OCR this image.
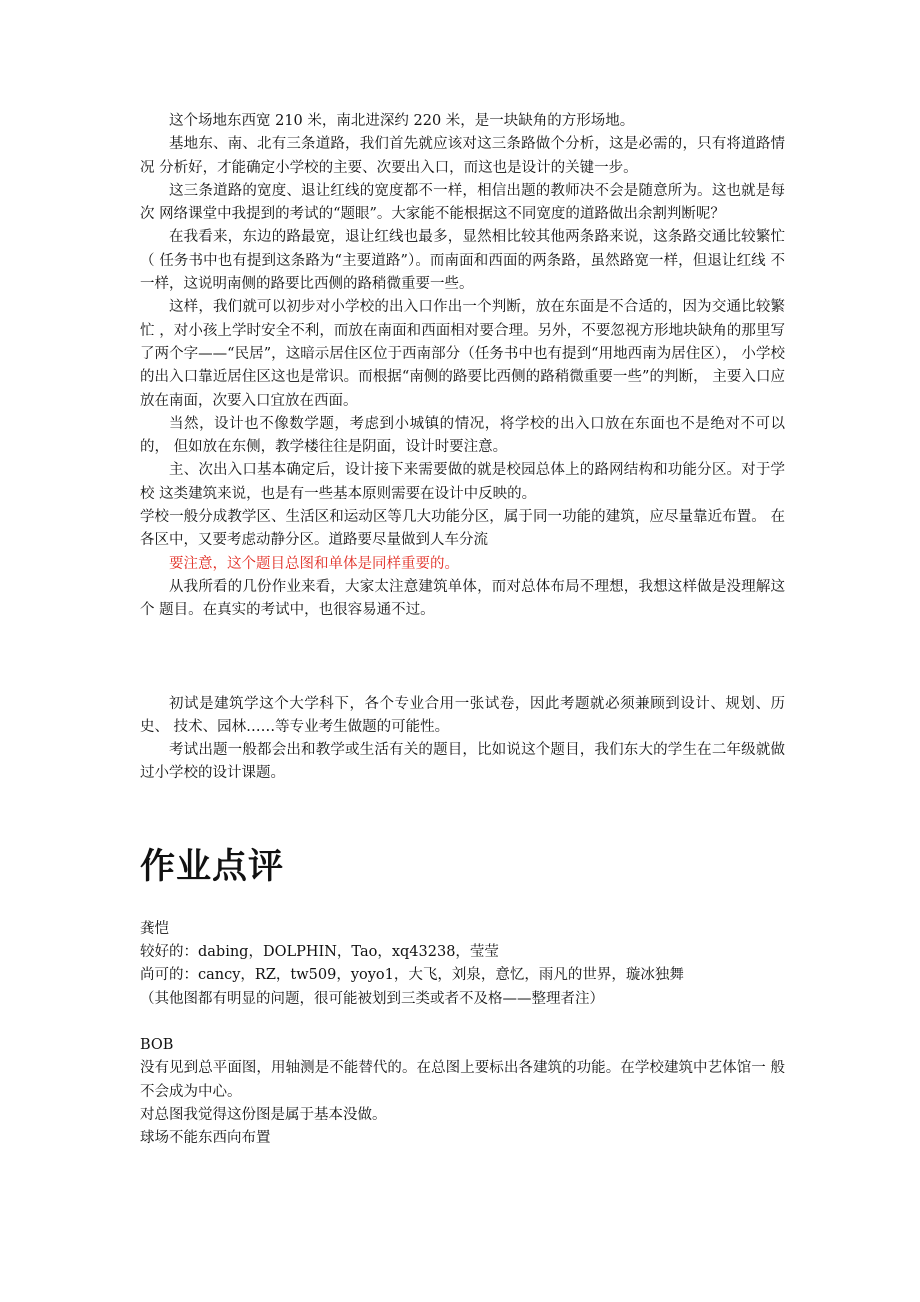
这个场地东西宽 210 米，南北进深约 220 米，是一块缺角的方形场地。

基地东、南、北有三条道路，我们首先就应该对这三条路做个分析，这是必需的，只有将道路情况 分析好，才能确定小学校的主要、次要出入口，而这也是设计的关键一步。

这三条道路的宽度、退让红线的宽度都不一样，相信出题的教师决不会是随意所为。这也就是每次 网络课堂中我提到的考试的“题眼”。大家能不能根据这不同宽度的道路做出余割判断呢？

在我看来，东边的路最宽，退让红线也最多，显然相比较其他两条路来说，这条路交通比较繁忙（ 任务书中也有提到这条路为“主要道路”）。而南面和西面的两条路，虽然路宽一样，但退让红线 不一样，这说明南侧的路要比西侧的路稍微重要一些。

这样，我们就可以初步对小学校的出入口作出一个判断，放在东面是不合适的，因为交通比较繁忙 ，对小孩上学时安全不利，而放在南面和西面相对要合理。另外，不要忽视方形地块缺角的那里写 了两个字——“民居”，这暗示居住区位于西南部分（任务书中也有提到“用地西南为居住区）， 小学校的出入口靠近居住区这也是常识。而根据“南侧的路要比西侧的路稍微重要一些”的判断， 主要入口应放在南面，次要入口宜放在西面。

当然，设计也不像数学题，考虑到小城镇的情况，将学校的出入口放在东面也不是绝对不可以的， 但如放在东侧，教学楼往往是阴面，设计时要注意。

主、次出入口基本确定后，设计接下来需要做的就是校园总体上的路网结构和功能分区。对于学校 这类建筑来说，也是有一些基本原则需要在设计中反映的。

学校一般分成教学区、生活区和运动区等几大功能分区，属于同一功能的建筑，应尽量靠近布置。 在各区中，又要考虑动静分区。道路要尽量做到人车分流

要注意，这个题目总图和单体是同样重要的。

从我所看的几份作业来看，大家太注意建筑单体，而对总体布局不理想，我想这样做是没理解这个 题目。在真实的考试中，也很容易通不过。

初试是建筑学这个大学科下，各个专业合用一张试卷，因此考题就必须兼顾到设计、规划、历史、 技术、园林……等专业考生做题的可能性。

考试出题一般都会出和教学或生活有关的题目，比如说这个题目，我们东大的学生在二年级就做过小学校的设计课题。

作业点评

龚恺

较好的：dabing，DOLPHIN，Tao，xq43238，莹莹

尚可的：cancy，RZ，tw509，yoyo1，大飞，刘泉，意忆，雨凡的世界，璇冰独舞

（其他图都有明显的问题，很可能被划到三类或者不及格——整理者注）

BOB

没有见到总平面图，用轴测是不能替代的。在总图上要标出各建筑的功能。在学校建筑中艺体馆一 般不会成为中心。

对总图我觉得这份图是属于基本没做。

球场不能东西向布置
